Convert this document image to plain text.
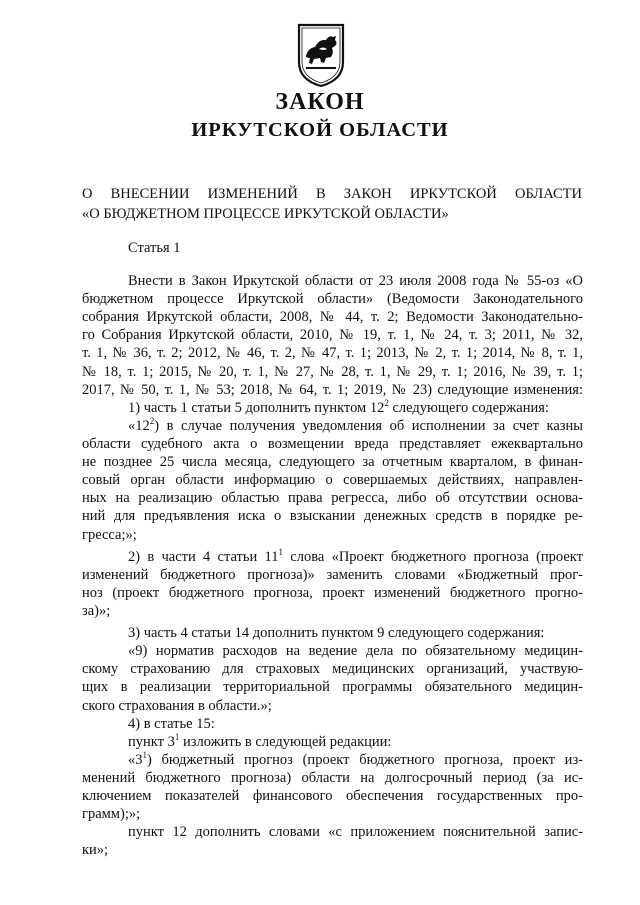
ЗАКОН
ИРКУТСКОЙ ОБЛАСТИ
О ВНЕСЕНИИ ИЗМЕНЕНИЙ В ЗАКОН ИРКУТСКОЙ ОБЛАСТИ
«О БЮДЖЕТНОМ ПРОЦЕССЕ ИРКУТСКОЙ ОБЛАСТИ»
Статья 1
Внести в Закон Иркутской области от 23 июля 2008 года № 55-оз «О
бюджетном процессе Иркутской области» (Ведомости Законодательного
собрания Иркутской области, 2008, № 44, т. 2; Ведомости Законодательно-
го Собрания Иркутской области, 2010, № 19, т. 1, № 24, т. 3; 2011, № 32,
т. 1, № 36, т. 2; 2012, № 46, т. 2, № 47, т. 1; 2013, № 2, т. 1; 2014, № 8, т. 1,
№ 18, т. 1; 2015, № 20, т. 1, № 27, № 28, т. 1, № 29, т. 1; 2016, № 39, т. 1;
2017, № 50, т. 1, № 53; 2018, № 64, т. 1; 2019, № 23) следующие изменения:
1) часть 1 статьи 5 дополнить пунктом $12^2$ следующего содержания:
«$12^2$) в случае получения уведомления об исполнении за счет казны
области судебного акта о возмещении вреда представляет ежеквартально
не позднее 25 числа месяца, следующего за отчетным кварталом, в финан-
совый орган области информацию о совершаемых действиях, направлен-
ных на реализацию областью права регресса, либо об отсутствии основа-
ний для предъявления иска о взыскании денежных средств в порядке ре-
гресса;»;
2) в части 4 статьи $11^1$ слова «Проект бюджетного прогноза (проект
изменений бюджетного прогноза)» заменить словами «Бюджетный прог-
ноз (проект бюджетного прогноза, проект изменений бюджетного прогно-
за)»;
3) часть 4 статьи 14 дополнить пунктом 9 следующего содержания:
«9) норматив расходов на ведение дела по обязательному медицин-
скому страхованию для страховых медицинских организаций, участвую-
щих в реализации территориальной программы обязательного медицин-
ского страхования в области.»;
4) в статье 15:
пункт $3^1$ изложить в следующей редакции:
«$3^1$) бюджетный прогноз (проект бюджетного прогноза, проект из-
менений бюджетного прогноза) области на долгосрочный период (за ис-
ключением показателей финансового обеспечения государственных про-
грамм);»;
пункт 12 дополнить словами «с приложением пояснительной запис-
ки»;
